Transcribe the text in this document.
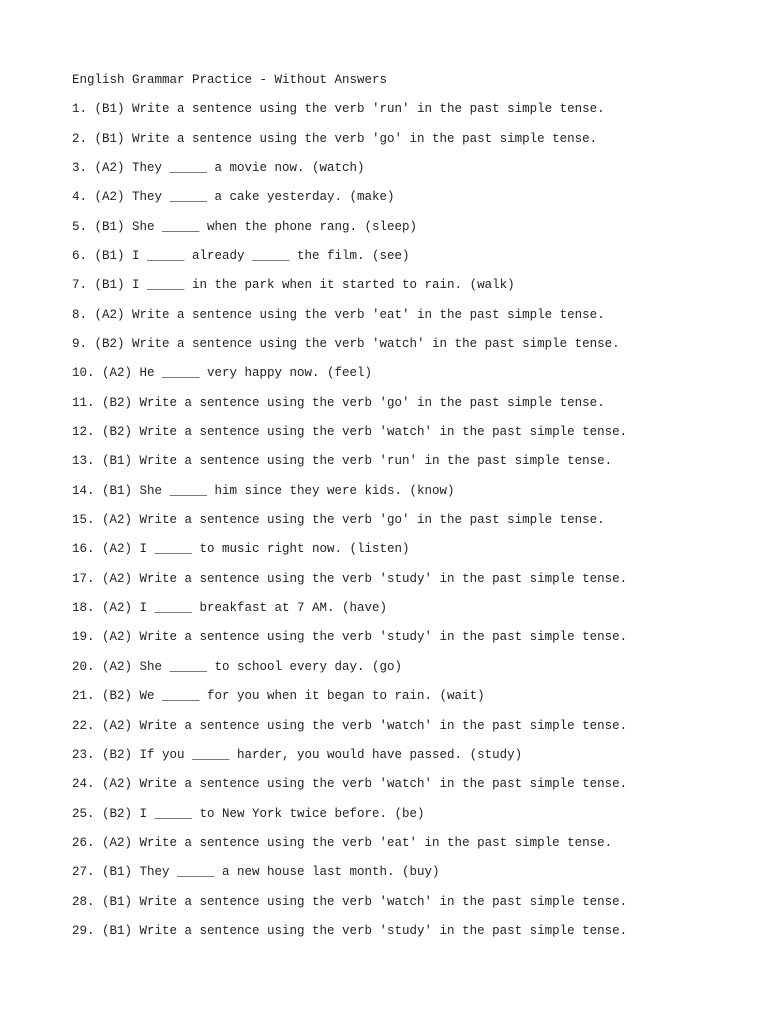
English Grammar Practice - Without Answers
1. (B1) Write a sentence using the verb 'run' in the past simple tense.
2. (B1) Write a sentence using the verb 'go' in the past simple tense.
3. (A2) They _____ a movie now. (watch)
4. (A2) They _____ a cake yesterday. (make)
5. (B1) She _____ when the phone rang. (sleep)
6. (B1) I _____ already _____ the film. (see)
7. (B1) I _____ in the park when it started to rain. (walk)
8. (A2) Write a sentence using the verb 'eat' in the past simple tense.
9. (B2) Write a sentence using the verb 'watch' in the past simple tense.
10. (A2) He _____ very happy now. (feel)
11. (B2) Write a sentence using the verb 'go' in the past simple tense.
12. (B2) Write a sentence using the verb 'watch' in the past simple tense.
13. (B1) Write a sentence using the verb 'run' in the past simple tense.
14. (B1) She _____ him since they were kids. (know)
15. (A2) Write a sentence using the verb 'go' in the past simple tense.
16. (A2) I _____ to music right now. (listen)
17. (A2) Write a sentence using the verb 'study' in the past simple tense.
18. (A2) I _____ breakfast at 7 AM. (have)
19. (A2) Write a sentence using the verb 'study' in the past simple tense.
20. (A2) She _____ to school every day. (go)
21. (B2) We _____ for you when it began to rain. (wait)
22. (A2) Write a sentence using the verb 'watch' in the past simple tense.
23. (B2) If you _____ harder, you would have passed. (study)
24. (A2) Write a sentence using the verb 'watch' in the past simple tense.
25. (B2) I _____ to New York twice before. (be)
26. (A2) Write a sentence using the verb 'eat' in the past simple tense.
27. (B1) They _____ a new house last month. (buy)
28. (B1) Write a sentence using the verb 'watch' in the past simple tense.
29. (B1) Write a sentence using the verb 'study' in the past simple tense.
